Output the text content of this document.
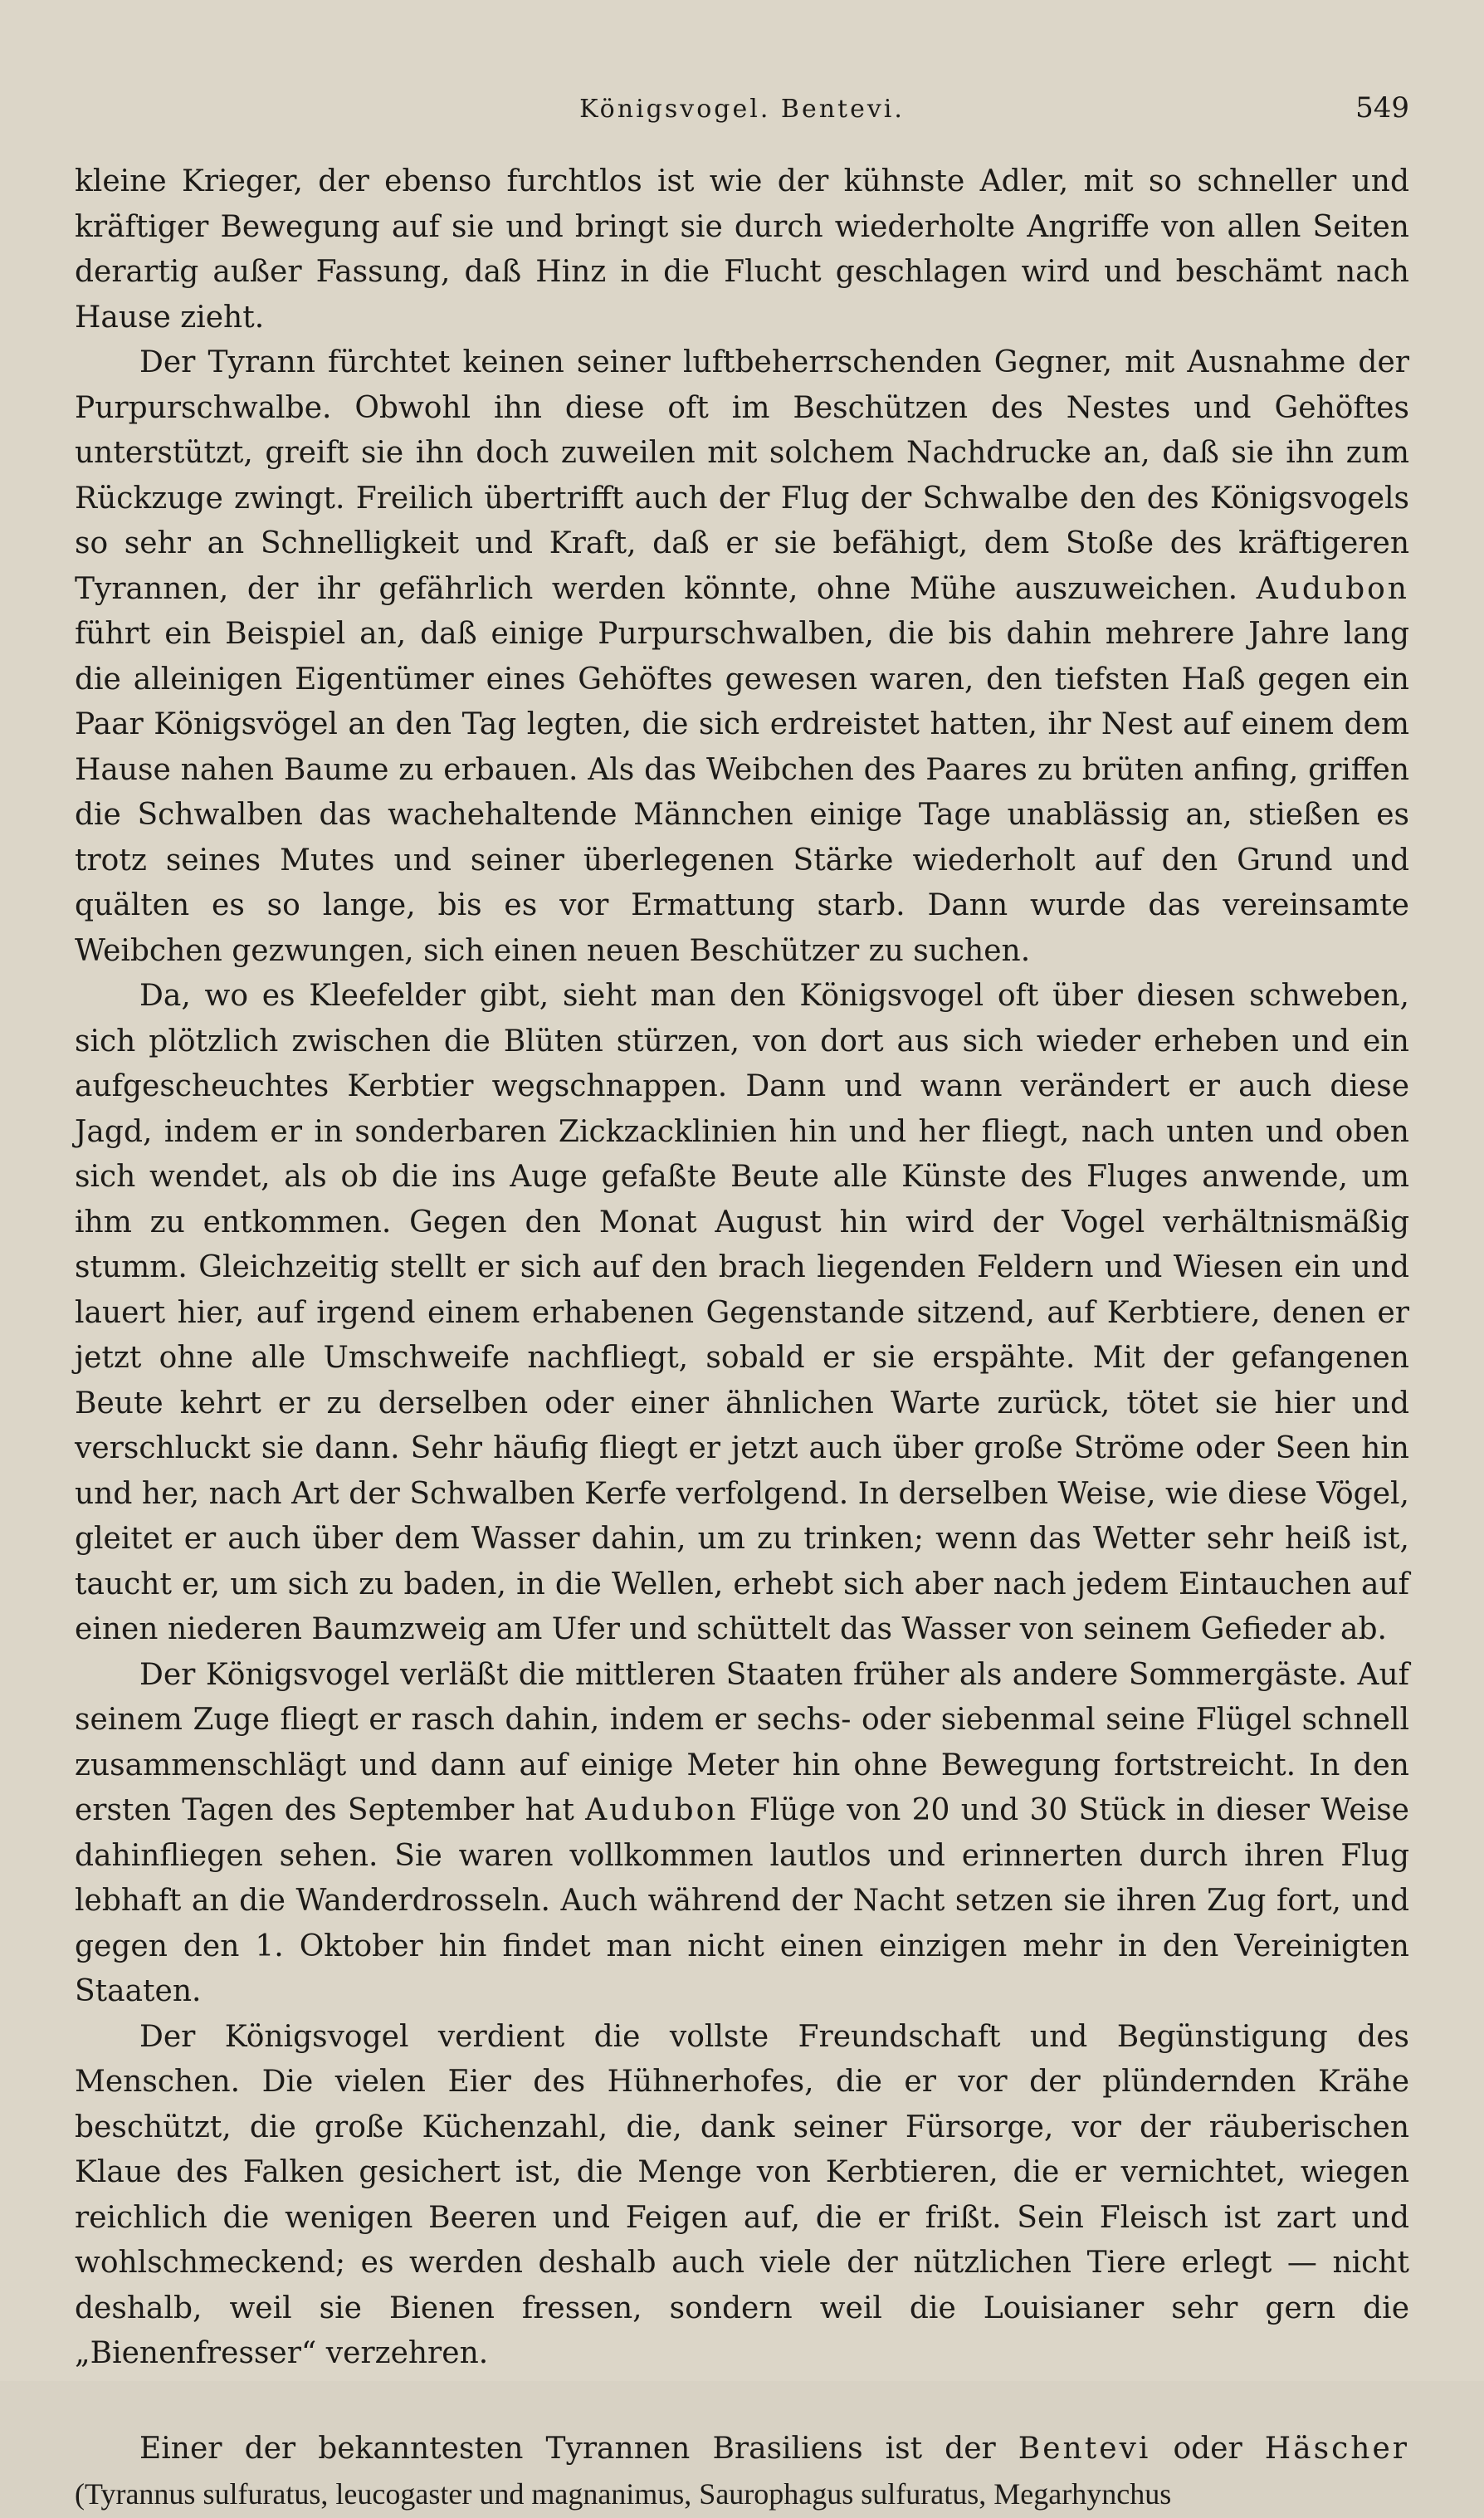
Königsvogel. Bentevi.	549

kleine Krieger, der ebenso furchtlos ist wie der kühnste Adler, mit so schneller und kräftiger Bewegung auf sie und bringt sie durch wiederholte Angriffe von allen Seiten derartig außer Fassung, daß Hinz in die Flucht geschlagen wird und beschämt nach Hause zieht.

Der Tyrann fürchtet keinen seiner luftbeherrschenden Gegner, mit Ausnahme der Purpurschwalbe. Obwohl ihn diese oft im Beschützen des Nestes und Gehöftes unterstützt, greift sie ihn doch zuweilen mit solchem Nachdrucke an, daß sie ihn zum Rückzuge zwingt. Freilich übertrifft auch der Flug der Schwalbe den des Königsvogels so sehr an Schnelligkeit und Kraft, daß er sie befähigt, dem Stoße des kräftigeren Tyrannen, der ihr gefährlich werden könnte, ohne Mühe auszuweichen. Audubon führt ein Beispiel an, daß einige Purpurschwalben, die bis dahin mehrere Jahre lang die alleinigen Eigentümer eines Gehöftes gewesen waren, den tiefsten Haß gegen ein Paar Königsvögel an den Tag legten, die sich erdreistet hatten, ihr Nest auf einem dem Hause nahen Baume zu erbauen. Als das Weibchen des Paares zu brüten anfing, griffen die Schwalben das wachehaltende Männchen einige Tage unablässig an, stießen es trotz seines Mutes und seiner überlegenen Stärke wiederholt auf den Grund und quälten es so lange, bis es vor Ermattung starb. Dann wurde das vereinsamte Weibchen gezwungen, sich einen neuen Beschützer zu suchen.

Da, wo es Kleefelder gibt, sieht man den Königsvogel oft über diesen schweben, sich plötzlich zwischen die Blüten stürzen, von dort aus sich wieder erheben und ein aufgescheuchtes Kerbtier wegschnappen. Dann und wann verändert er auch diese Jagd, indem er in sonderbaren Zickzacklinien hin und her fliegt, nach unten und oben sich wendet, als ob die ins Auge gefaßte Beute alle Künste des Fluges anwende, um ihm zu entkommen. Gegen den Monat August hin wird der Vogel verhältnismäßig stumm. Gleichzeitig stellt er sich auf den brach liegenden Feldern und Wiesen ein und lauert hier, auf irgend einem erhabenen Gegenstande sitzend, auf Kerbtiere, denen er jetzt ohne alle Umschweife nachfliegt, sobald er sie erspähte. Mit der gefangenen Beute kehrt er zu derselben oder einer ähnlichen Warte zurück, tötet sie hier und verschluckt sie dann. Sehr häufig fliegt er jetzt auch über große Ströme oder Seen hin und her, nach Art der Schwalben Kerfe verfolgend. In derselben Weise, wie diese Vögel, gleitet er auch über dem Wasser dahin, um zu trinken; wenn das Wetter sehr heiß ist, taucht er, um sich zu baden, in die Wellen, erhebt sich aber nach jedem Eintauchen auf einen niederen Baumzweig am Ufer und schüttelt das Wasser von seinem Gefieder ab.

Der Königsvogel verläßt die mittleren Staaten früher als andere Sommergäste. Auf seinem Zuge fliegt er rasch dahin, indem er sechs- oder siebenmal seine Flügel schnell zusammenschlägt und dann auf einige Meter hin ohne Bewegung fortstreicht. In den ersten Tagen des September hat Audubon Flüge von 20 und 30 Stück in dieser Weise dahinfliegen sehen. Sie waren vollkommen lautlos und erinnerten durch ihren Flug lebhaft an die Wanderdrosseln. Auch während der Nacht setzen sie ihren Zug fort, und gegen den 1. Oktober hin findet man nicht einen einzigen mehr in den Vereinigten Staaten.

Der Königsvogel verdient die vollste Freundschaft und Begünstigung des Menschen. Die vielen Eier des Hühnerhofes, die er vor der plündernden Krähe beschützt, die große Küchenzahl, die, dank seiner Fürsorge, vor der räuberischen Klaue des Falken gesichert ist, die Menge von Kerbtieren, die er vernichtet, wiegen reichlich die wenigen Beeren und Feigen auf, die er frißt. Sein Fleisch ist zart und wohlschmeckend; es werden deshalb auch viele der nützlichen Tiere erlegt — nicht deshalb, weil sie Bienen fressen, sondern weil die Louisianer sehr gern die „Bienenfresser“ verzehren.

Einer der bekanntesten Tyrannen Brasiliens ist der Bentevi oder Häscher (Tyrannus sulfuratus, leucogaster und magnanimus, Saurophagus sulfuratus, Megarhynchus
